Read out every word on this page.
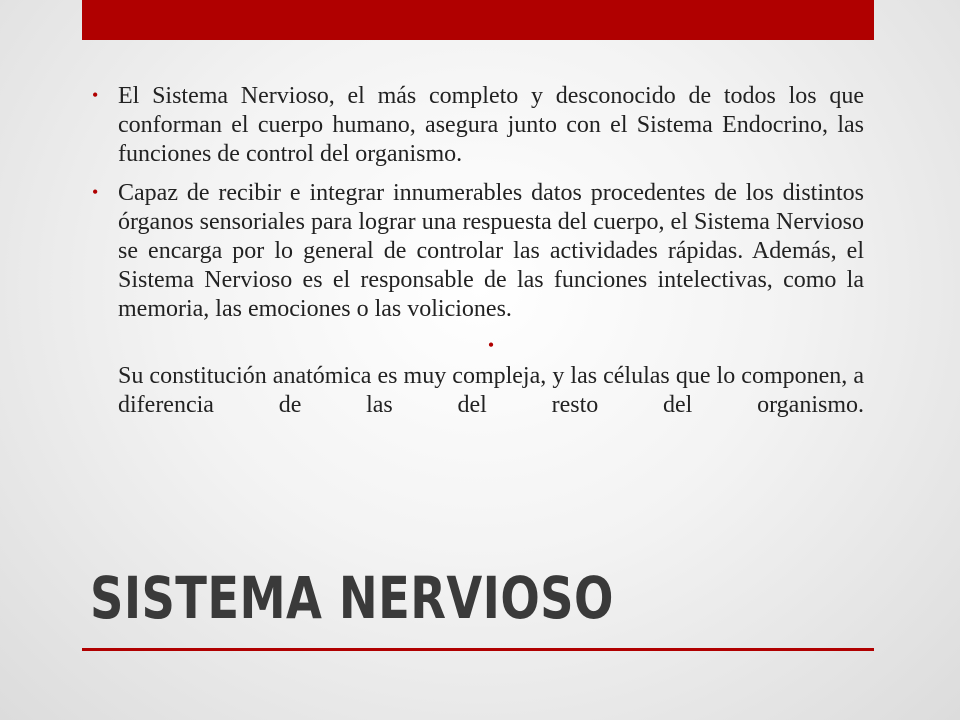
• El Sistema Nervioso, el más completo y desconocido de todos los que conforman el cuerpo humano, asegura junto con el Sistema Endocrino, las funciones de control del organismo.
• Capaz de recibir e integrar innumerables datos procedentes de los distintos órganos sensoriales para lograr una respuesta del cuerpo, el Sistema Nervioso se encarga por lo general de controlar las actividades rápidas. Además, el Sistema Nervioso es el responsable de las funciones intelectivas, como la memoria, las emociones o las voliciones.
•
Su constitución anatómica es muy compleja, y las células que lo componen, a diferencia de las del resto del organismo.
SISTEMA NERVIOSO
